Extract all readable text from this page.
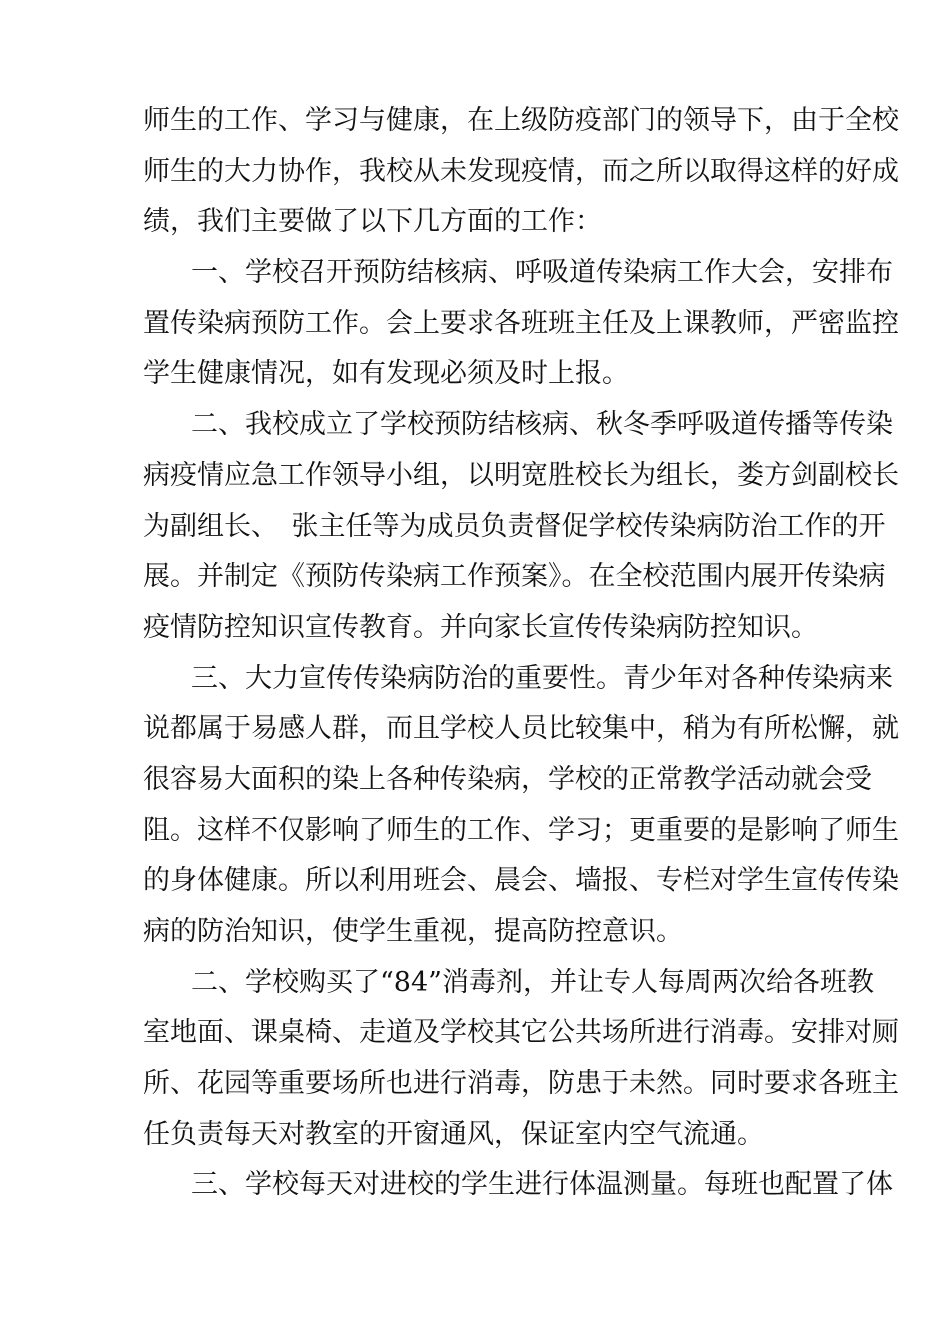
师生的工作、学习与健康，在上级防疫部门的领导下，由于全校
师生的大力协作，我校从未发现疫情，而之所以取得这样的好成
绩，我们主要做了以下几方面的工作：
一、学校召开预防结核病、呼吸道传染病工作大会，安排布
置传染病预防工作。会上要求各班班主任及上课教师，严密监控
学生健康情况，如有发现必须及时上报。
二、我校成立了学校预防结核病、秋冬季呼吸道传播等传染
病疫情应急工作领导小组，以明宽胜校长为组长，娄方剑副校长
为副组长、　张主任等为成员负责督促学校传染病防治工作的开
展。并制定《预防传染病工作预案》。在全校范围内展开传染病
疫情防控知识宣传教育。并向家长宣传传染病防控知识。
三、大力宣传传染病防治的重要性。青少年对各种传染病来
说都属于易感人群，而且学校人员比较集中，稍为有所松懈，就
很容易大面积的染上各种传染病，学校的正常教学活动就会受
阻。这样不仅影响了师生的工作、学习；更重要的是影响了师生
的身体健康。所以利用班会、晨会、墙报、专栏对学生宣传传染
病的防治知识，使学生重视，提高防控意识。
二、学校购买了“84”消毒剂，并让专人每周两次给各班教
室地面、课桌椅、走道及学校其它公共场所进行消毒。安排对厕
所、花园等重要场所也进行消毒，防患于未然。同时要求各班主
任负责每天对教室的开窗通风，保证室内空气流通。
三、学校每天对进校的学生进行体温测量。每班也配置了体
